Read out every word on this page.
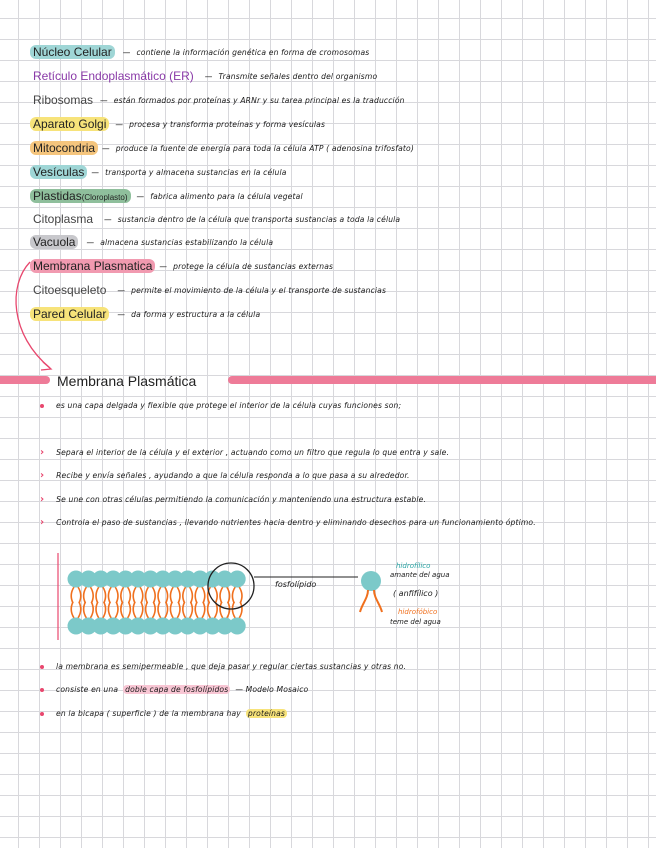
Núcleo Celular	— contiene la información genética en forma de cromosomas
Retículo Endoplasmático (ER)	— Transmite señales dentro del organismo
Ribosomas — están formados por proteínas y ARNr y su tarea principal es la traducción
Aparato Golgi	— procesa y transforma proteínas y forma vesículas
Mitocondria — produce la fuente de energía para toda la célula ATP ( adenosina trifosfato)
Vesículas — transporta y almacena sustancias en la célula
Plastidas(Cloroplasto)	— fabrica alimento para la célula vegetal
Citoplasma	— sustancia dentro de la célula que transporta sustancias a toda la célula
Vacuola	— almacena sustancias estabilizando la célula
Membrana Plasmatica — protege la célula de sustancias externas
Citoesqueleto	— permite el movimiento de la célula y el transporte de sustancias
Pared Celular	— da forma y estructura a la célula
Membrana Plasmática
es una capa delgada y flexible que protege el interior de la célula cuyas funciones son;
› Separa el interior de la célula y el exterior , actuando como un filtro que regula lo que entra y sale.
› Recibe y envía señales , ayudando a que la célula responda a lo que pasa a su alrededor.
› Se une con otras células permitiendo la comunicación y manteniendo una estructura estable.
› Controla el paso de sustancias , llevando nutrientes hacia dentro y eliminando desechos para un funcionamiento óptimo.
fosfolípido
hidrofílico
amante del agua
( anfifílico )
hidrofóbico
teme del agua
la membrana es semipermeable , que deja pasar y regular ciertas sustancias y otras no.
consiste en una doble capa de fosfolípidos — Modelo Mosaico
en la bicapa ( superficie ) de la membrana hay proteínas
